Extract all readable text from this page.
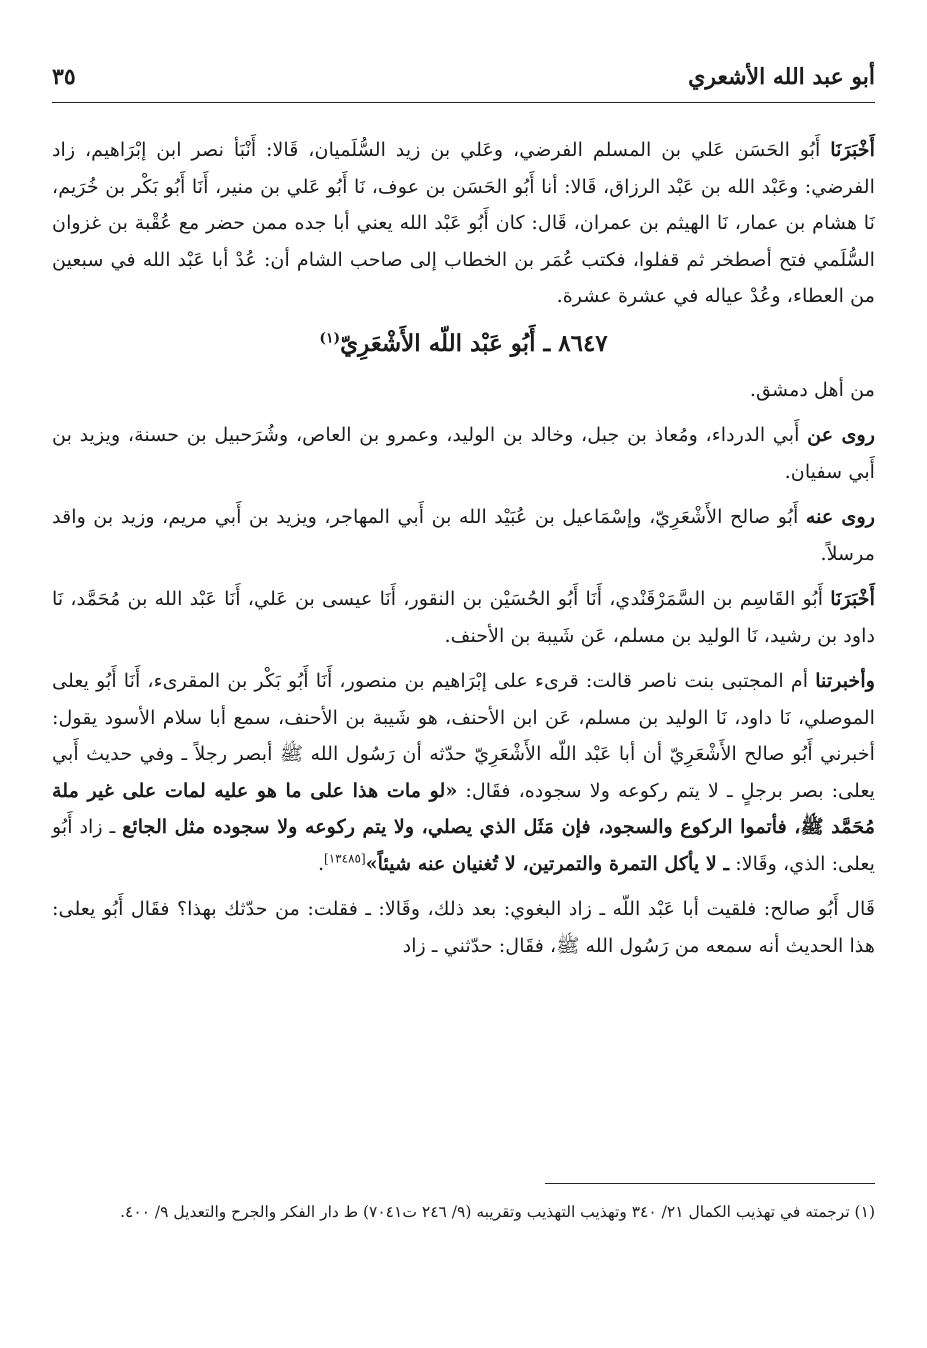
أبو عبد الله الأشعري
٣٥

أَخْبَرَنَا أَبُو الحَسَن عَلي بن المسلم الفرضي، وعَلي بن زيد السُّلَميان، قَالا: أَنْبَأ نصر ابن إبْرَاهيم، زاد الفرضي: وعَبْد الله بن عَبْد الرزاق، قَالا: أنا أَبُو الحَسَن بن عوف، نَا أَبُو عَلي بن منير، أَنَا أَبُو بَكْر بن خُرَيم، نَا هشام بن عمار، نَا الهيثم بن عمران، قَال: كان أَبُو عَبْد الله يعني أبا جده ممن حضر مع عُقْبة بن غزوان السُّلَمي فتح أصطخر ثم قفلوا، فكتب عُمَر بن الخطاب إلى صاحب الشام أن: عُدْ أبا عَبْد الله في سبعين من العطاء، وعُدْ عياله في عشرة عشرة.

٨٦٤٧ ـ أَبُو عَبْد اللّه الأَشْعَرِيّ$^{(١)}$

من أهل دمشق.

روى عن أَبي الدرداء، ومُعاذ بن جبل، وخالد بن الوليد، وعمرو بن العاص، وشُرَحبيل بن حسنة، ويزيد بن أَبي سفيان.

روى عنه أَبُو صالح الأَشْعَرِيّ، وإسْمَاعيل بن عُبَيْد الله بن أَبي المهاجر، ويزيد بن أَبي مريم، وزيد بن واقد مرسلاً.

أَخْبَرَنَا أَبُو القَاسِم بن السَّمَرْقَنْدي، أَنَا أَبُو الحُسَيْن بن النقور، أَنَا عيسى بن عَلي، أَنَا عَبْد الله بن مُحَمَّد، نَا داود بن رشيد، نَا الوليد بن مسلم، عَن شَيبة بن الأحنف.

وأخبرتنا أم المجتبى بنت ناصر قالت: قرىء على إبْرَاهيم بن منصور، أَنَا أَبُو بَكْر بن المقرىء، أَنَا أَبُو يعلى الموصلي، نَا داود، نَا الوليد بن مسلم، عَن ابن الأحنف، هو شَيبة بن الأحنف، سمع أبا سلام الأسود يقول: أخبرني أَبُو صالح الأَشْعَرِيّ أن أبا عَبْد اللّه الأَشْعَرِيّ حدّثه أن رَسُول الله ﷺ أبصر رجلاً ـ وفي حديث أَبي يعلى: بصر برجلٍ ـ لا يتم ركوعه ولا سجوده، فقَال: «لو مات هذا على ما هو عليه لمات على غير ملة مُحَمَّد ﷺ، فأتموا الركوع والسجود، فإن مَثَل الذي يصلي، ولا يتم ركوعه ولا سجوده مثل الجائع ـ زاد أَبُو يعلى: الذي، وقَالا: ـ لا يأكل التمرة والتمرتين، لا تُغنيان عنه شيئاً»[١٣٤٨٥].

قَال أَبُو صالح: فلقيت أبا عَبْد اللّه ـ زاد البغوي: بعد ذلك، وقَالا: ـ فقلت: من حدّثك بهذا؟ فقَال أَبُو يعلى: هذا الحديث أنه سمعه من رَسُول الله ﷺ، فقَال: حدّثني ـ زاد

(١) ترجمته في تهذيب الكمال ٢١/ ٣٤٠ وتهذيب التهذيب وتقريبه (٩/ ٢٤٦ ت٧٠٤١) ط دار الفكر والجرح والتعديل ٩/ ٤٠٠.
